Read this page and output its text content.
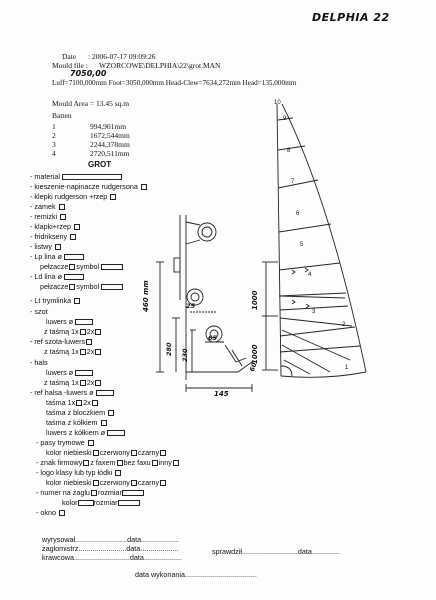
DELPHIA 22
Date : 2006-07-17 09:09:26
Mould file : WZORCOWE\DELPHIA\22\grot.MAN
7050,00
Luff=7100,000mm Foot=3050,000mm Head-Clew=7634,272mm Head=135,000mm
Mould Area = 13.45 sq.m
Batten
1	994,901mm
2	1672,544mm
3	2244,378mm
4	2720,511mm
GROT
- material
- kieszenie-napinacze rudgersona
- klepki rudgerson +rzep
- zamek
- remizki
- klapki+rzep
- fridrikseny
- listwy
- Lp lina ø
pełzacze symbol
- Ld lina ø
pełzacze symbol
- Lt trymlinka
- szot
luwers ø
z taśmą 1x 2x
- ref szota-luwers
z taśmą 1x 2x
- hals
luwers ø
z taśmą 1x 2x
- ref halsa -luwers ø
taśma 1x 2x
taśma z bloczkiem
taśma z kółkiem
luwers z kółkiem ø
- pasy trymowe
kolor niebieski czerwony czarny
- znak firmowy z faxem bez faxu inny
- logo klasy lub typ łódki
kolor niebieski czerwony czarny
- numer na żaglu rozmiar
kolor rozmiar
- okno
460 mm
280 230
25
65
60
145
10
9
8
7
6
5
4
3
2
1
1000
1000
wyrysował..........................data...................
żaglomistrz........................data...................
krawcowa............................data...................
sprawdził............................data..............
data wykonania....................................
